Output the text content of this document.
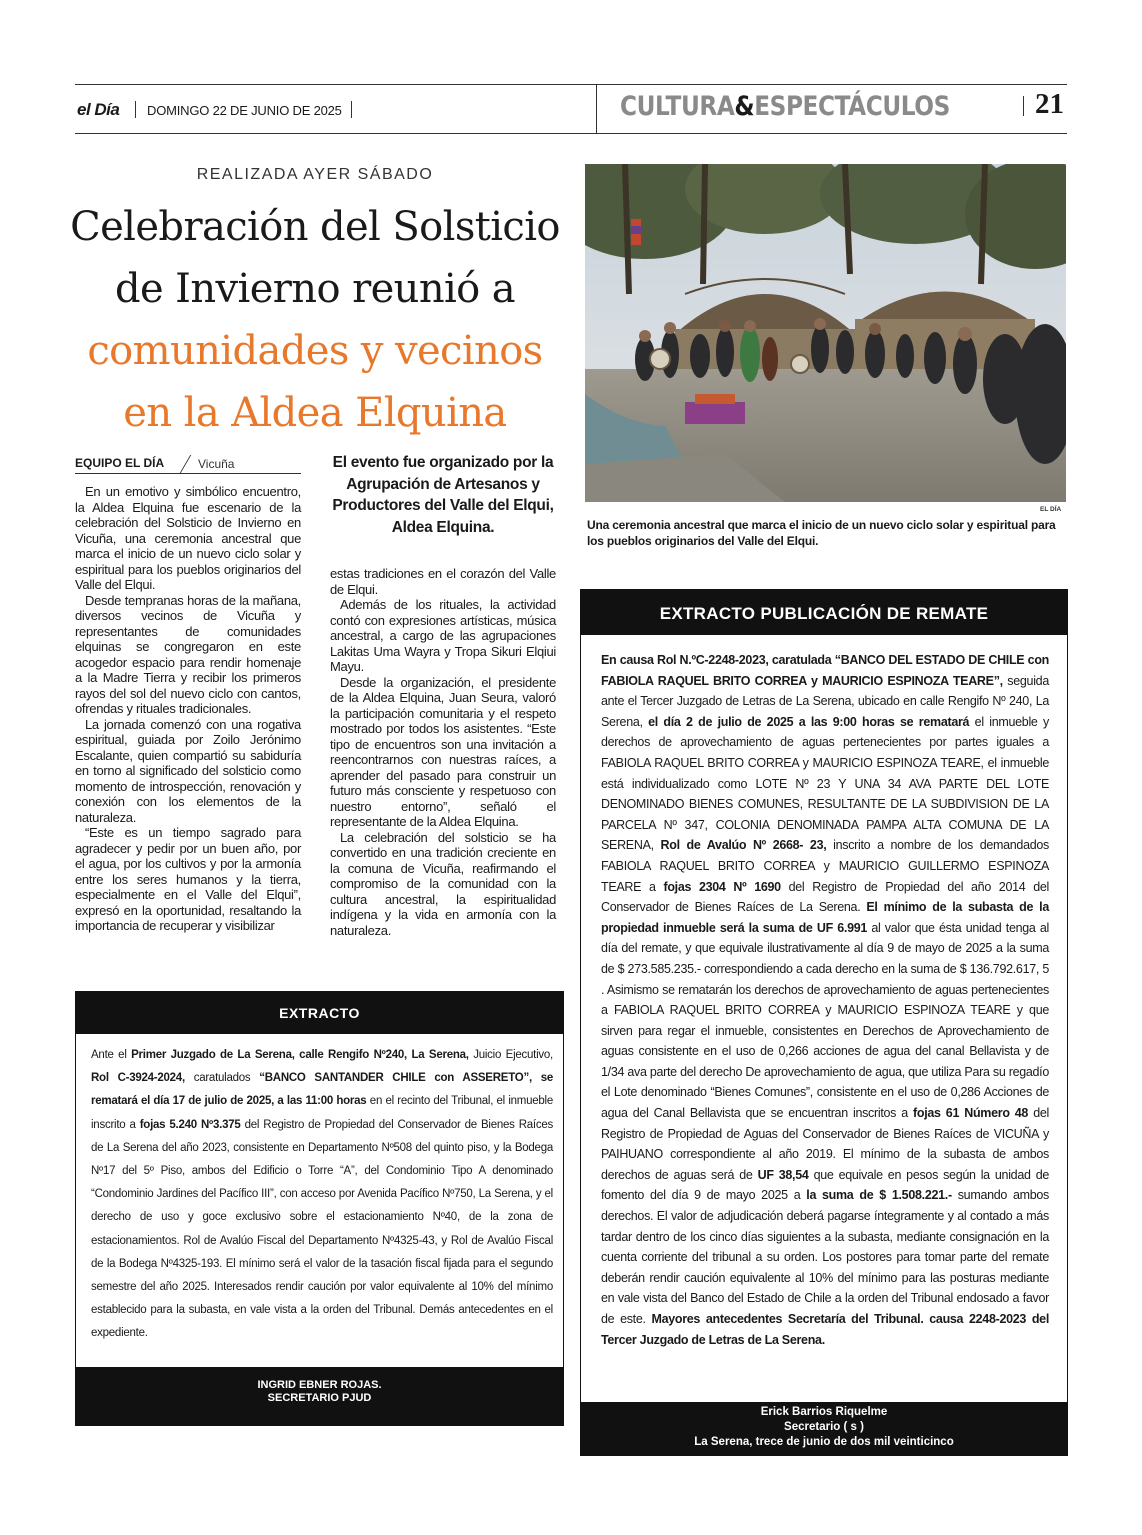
el Día DOMINGO 22 DE JUNIO DE 2025	CULTURA&ESPECTÁCULOS	21
REALIZADA AYER SÁBADO
Celebración del Solsticio
de Invierno reunió a
comunidades y vecinos
en la Aldea Elquina
EQUIPO EL DÍA	Vicuña

En un emotivo y simbólico encuentro, la Aldea Elquina fue escenario de la celebración del Solsticio de Invierno en Vicuña, una ceremonia ancestral que marca el inicio de un nuevo ciclo solar y espiritual para los pueblos originarios del Valle del Elqui.

Desde tempranas horas de la mañana, diversos vecinos de Vicuña y representantes de comunidades elquinas se congregaron en este acogedor espacio para rendir homenaje a la Madre Tierra y recibir los primeros rayos del sol del nuevo ciclo con cantos, ofrendas y rituales tradicionales.

La jornada comenzó con una rogativa espiritual, guiada por Zoilo Jerónimo Escalante, quien compartió su sabiduría en torno al significado del solsticio como momento de introspección, renovación y conexión con los elementos de la naturaleza.

“Este es un tiempo sagrado para agradecer y pedir por un buen año, por el agua, por los cultivos y por la armonía entre los seres humanos y la tierra, especialmente en el Valle del Elqui”, expresó en la oportunidad, resaltando la importancia de recuperar y visibilizar

El evento fue organizado por la Agrupación de Artesanos y Productores del Valle del Elqui, Aldea Elquina.

estas tradiciones en el corazón del Valle de Elqui.

Además de los rituales, la actividad contó con expresiones artísticas, música ancestral, a cargo de las agrupaciones Lakitas Uma Wayra y Tropa Sikuri Elqiui Mayu.

Desde la organización, el presidente de la Aldea Elquina, Juan Seura, valoró la participación comunitaria y el respeto mostrado por todos los asistentes. “Este tipo de encuentros son una invitación a reencontrarnos con nuestras raíces, a aprender del pasado para construir un futuro más consciente y respetuoso con nuestro entorno”, señaló el representante de la Aldea Elquina.

La celebración del solsticio se ha convertido en una tradición creciente en la comuna de Vicuña, reafirmando el compromiso de la comunidad con la cultura ancestral, la espiritualidad indígena y la vida en armonía con la naturaleza.

EL DÍA
Una ceremonia ancestral que marca el inicio de un nuevo ciclo solar y espiritual para los pueblos originarios del Valle del Elqui.
EXTRACTO
Ante el Primer Juzgado de La Serena, calle Rengifo Nº240, La Serena, Juicio Ejecutivo, Rol C-3924-2024, caratulados “BANCO SANTANDER CHILE con ASSERETO”, se rematará el día 17 de julio de 2025, a las 11:00 horas en el recinto del Tribunal, el inmueble inscrito a fojas 5.240 Nº3.375 del Registro de Propiedad del Conservador de Bienes Raíces de La Serena del año 2023, consistente en Departamento Nº508 del quinto piso, y la Bodega Nº17 del 5º Piso, ambos del Edificio o Torre “A”, del Condominio Tipo A denominado “Condominio Jardines del Pacífico III”, con acceso por Avenida Pacífico Nº750, La Serena, y el derecho de uso y goce exclusivo sobre el estacionamiento Nº40, de la zona de estacionamientos. Rol de Avalúo Fiscal del Departamento Nº4325-43, y Rol de Avalúo Fiscal de la Bodega Nº4325-193. El mínimo será el valor de la tasación fiscal fijada para el segundo semestre del año 2025. Interesados rendir caución por valor equivalente al 10% del mínimo establecido para la subasta, en vale vista a la orden del Tribunal. Demás antecedentes en el expediente.
INGRID EBNER ROJAS.
SECRETARIO PJUD
EXTRACTO PUBLICACIÓN DE REMATE
En causa Rol N.ºC-2248-2023, caratulada “BANCO DEL ESTADO DE CHILE con FABIOLA RAQUEL BRITO CORREA y MAURICIO ESPINOZA TEARE”, seguida ante el Tercer Juzgado de Letras de La Serena, ubicado en calle Rengifo Nº 240, La Serena, el día 2 de julio de 2025 a las 9:00 horas se rematará el inmueble y derechos de aprovechamiento de aguas pertenecientes por partes iguales a FABIOLA RAQUEL BRITO CORREA y MAURICIO ESPINOZA TEARE, el inmueble está individualizado como LOTE Nº 23 Y UNA 34 AVA PARTE DEL LOTE DENOMINADO BIENES COMUNES, RESULTANTE DE LA SUBDIVISION DE LA PARCELA Nº 347, COLONIA DENOMINADA PAMPA ALTA COMUNA DE LA SERENA, Rol de Avalúo Nº 2668- 23, inscrito a nombre de los demandados FABIOLA RAQUEL BRITO CORREA y MAURICIO GUILLERMO ESPINOZA TEARE a fojas 2304 Nº 1690 del Registro de Propiedad del año 2014 del Conservador de Bienes Raíces de La Serena. El mínimo de la subasta de la propiedad inmueble será la suma de UF 6.991 al valor que ésta unidad tenga al día del remate, y que equivale ilustrativamente al día 9 de mayo de 2025 a la suma de $ 273.585.235.- correspondiendo a cada derecho en la suma de $ 136.792.617, 5 . Asimismo se rematarán los derechos de aprovechamiento de aguas pertenecientes a FABIOLA RAQUEL BRITO CORREA y MAURICIO ESPINOZA TEARE y que sirven para regar el inmueble, consistentes en Derechos de Aprovechamiento de aguas consistente en el uso de 0,266 acciones de agua del canal Bellavista y de 1/34 ava parte del derecho De aprovechamiento de agua, que utiliza Para su regadío el Lote denominado “Bienes Comunes”, consistente en el uso de 0,286 Acciones de agua del Canal Bellavista que se encuentran inscritos a fojas 61 Número 48 del Registro de Propiedad de Aguas del Conservador de Bienes Raíces de VICUÑA y PAIHUANO correspondiente al año 2019. El mínimo de la subasta de ambos derechos de aguas será de UF 38,54 que equivale en pesos según la unidad de fomento del día 9 de mayo 2025 a la suma de $ 1.508.221.- sumando ambos derechos. El valor de adjudicación deberá pagarse íntegramente y al contado a más tardar dentro de los cinco días siguientes a la subasta, mediante consignación en la cuenta corriente del tribunal a su orden. Los postores para tomar parte del remate deberán rendir caución equivalente al 10% del mínimo para las posturas mediante en vale vista del Banco del Estado de Chile a la orden del Tribunal endosado a favor de este. Mayores antecedentes Secretaría del Tribunal. causa 2248-2023 del Tercer Juzgado de Letras de La Serena.
Erick Barrios Riquelme
Secretario ( s )
La Serena, trece de junio de dos mil veinticinco
